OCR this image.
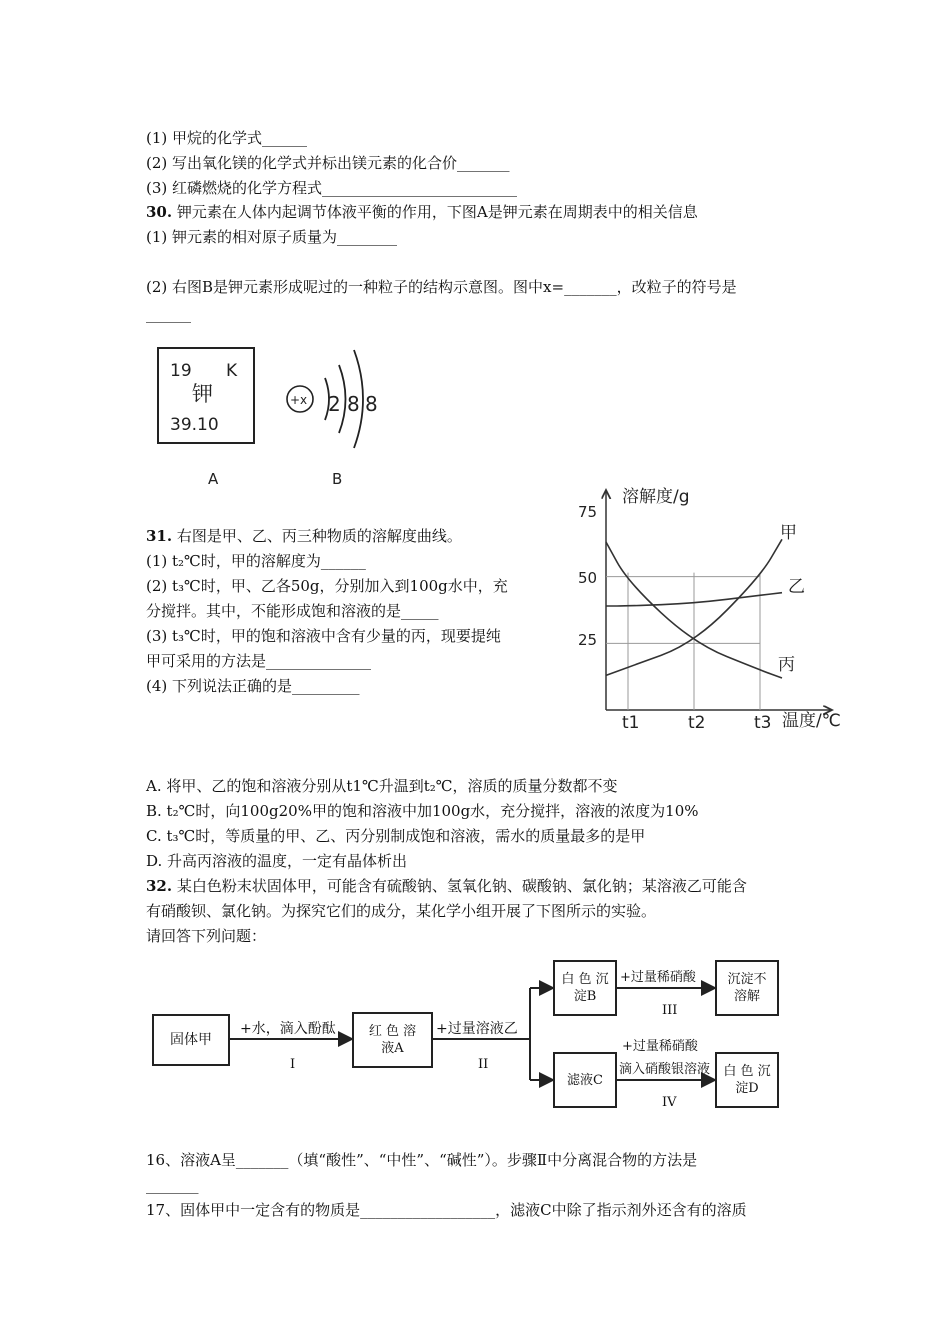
(1) 甲烷的化学式______
(2) 写出氧化镁的化学式并标出镁元素的化合价_______
(3) 红磷燃烧的化学方程式__________________________
30. 钾元素在人体内起调节体液平衡的作用，下图A是钾元素在周期表中的相关信息
(1) 钾元素的相对原子质量为________
(2) 右图B是钾元素形成呢过的一种粒子的结构示意图。图中x=_______，改粒子的符号是
______
19 K
钾
39.10
A
+x 2 8 8
B
31. 右图是甲、乙、丙三种物质的溶解度曲线。
(1) t₂℃时，甲的溶解度为______
(2) t₃℃时，甲、乙各50g，分别加入到100g水中，充
分搅拌。其中，不能形成饱和溶液的是_____
(3) t₃℃时，甲的饱和溶液中含有少量的丙，现要提纯
甲可采用的方法是______________
(4) 下列说法正确的是_________
t1	t2	t3
溶解度/g
温度/℃
75
50
25
甲
乙
丙
A. 将甲、乙的饱和溶液分别从t1℃升温到t₂℃，溶质的质量分数都不变
B. t₂℃时，向100g20%甲的饱和溶液中加100g水，充分搅拌，溶液的浓度为10%
C. t₃℃时，等质量的甲、乙、丙分别制成饱和溶液，需水的质量最多的是甲
D. 升高丙溶液的温度，一定有晶体析出
32. 某白色粉末状固体甲，可能含有硫酸钠、氢氧化钠、碳酸钠、氯化钠；某溶液乙可能含
有硝酸钡、氯化钠。为探究它们的成分，某化学小组开展了下图所示的实验。
请回答下列问题：
固体甲	红 色 溶 液A
白 色 沉淀B
沉淀不 溶解
滤液C
白 色 沉淀D
+水，滴入酚酞	+过量溶液乙
+过量稀硝酸
+过量稀硝酸
滴入硝酸银溶液
I	II
III
IV
16、溶液A呈_______（填“酸性”、“中性”、“碱性”）。步骤Ⅱ中分离混合物的方法是
_______
17、固体甲中一定含有的物质是__________________，滤液C中除了指示剂外还含有的溶质
